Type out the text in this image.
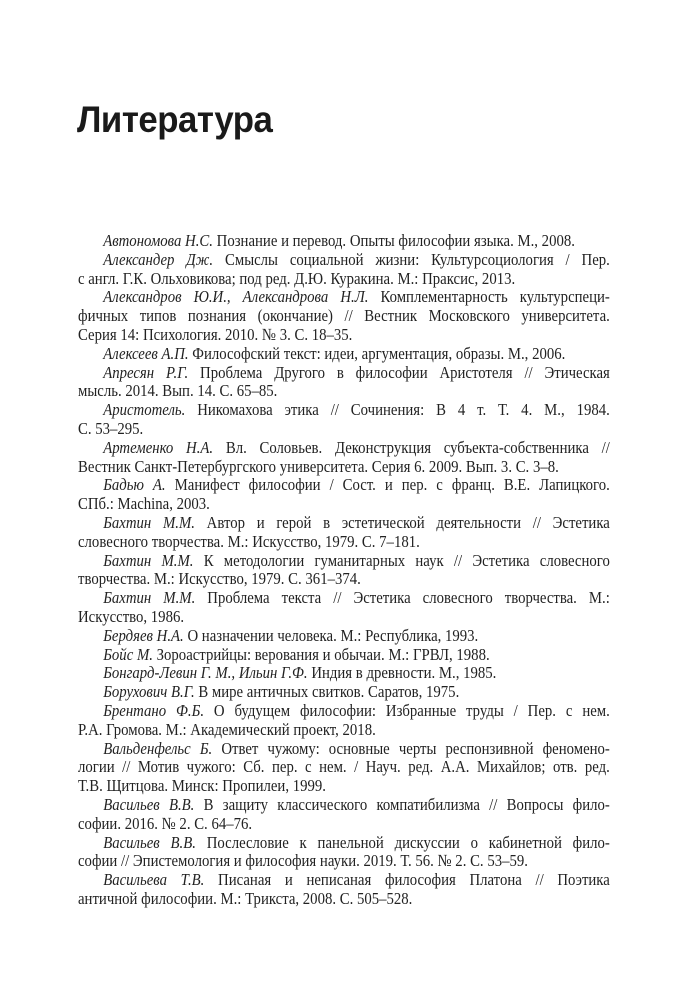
Литература
Автономова Н.С. Познание и перевод. Опыты философии языка. М., 2008.
Александер Дж. Смыслы социальной жизни: Культурсоциология / Пер.
с англ. Г.К. Ольховикова; под ред. Д.Ю. Куракина. М.: Праксис, 2013.
Александров Ю.И., Александрова Н.Л. Комплементарность культурспеци-
фичных типов познания (окончание) // Вестник Московского университета.
Серия 14: Психология. 2010. № 3. С. 18–35.
Алексеев А.П. Философский текст: идеи, аргументация, образы. М., 2006.
Апресян Р.Г. Проблема Другого в философии Аристотеля // Этическая
мысль. 2014. Вып. 14. С. 65–85.
Аристотель. Никомахова этика // Сочинения: В 4 т. Т. 4. М., 1984.
С. 53–295.
Артеменко Н.А. Вл. Соловьев. Деконструкция субъекта-собственника //
Вестник Санкт-Петербургского университета. Серия 6. 2009. Вып. 3. С. 3–8.
Бадью А. Манифест философии / Сост. и пер. с франц. В.Е. Лапицкого.
СПб.: Machina, 2003.
Бахтин М.М. Автор и герой в эстетической деятельности // Эстетика
словесного творчества. М.: Искусство, 1979. С. 7–181.
Бахтин М.М. К методологии гуманитарных наук // Эстетика словесного
творчества. М.: Искусство, 1979. С. 361–374.
Бахтин М.М. Проблема текста // Эстетика словесного творчества. М.:
Искусство, 1986.
Бердяев Н.А. О назначении человека. М.: Республика, 1993.
Бойс М. Зороастрийцы: верования и обычаи. М.: ГРВЛ, 1988.
Бонгард-Левин Г. М., Ильин Г.Ф. Индия в древности. М., 1985.
Борухович В.Г. В мире античных свитков. Саратов, 1975.
Брентано Ф.Б. О будущем философии: Избранные труды / Пер. с нем.
Р.А. Громова. М.: Академический проект, 2018.
Вальденфельс Б. Ответ чужому: основные черты респонзивной феномено-
логии // Мотив чужого: Сб. пер. с нем. / Науч. ред. А.А. Михайлов; отв. ред.
Т.В. Щитцова. Минск: Пропилеи, 1999.
Васильев В.В. В защиту классического компатибилизма // Вопросы фило-
софии. 2016. № 2. С. 64–76.
Васильев В.В. Послесловие к панельной дискуссии о кабинетной фило-
софии // Эпистемология и философия науки. 2019. Т. 56. № 2. С. 53–59.
Васильева Т.В. Писаная и неписаная философия Платона // Поэтика
античной философии. М.: Трикста, 2008. С. 505–528.
